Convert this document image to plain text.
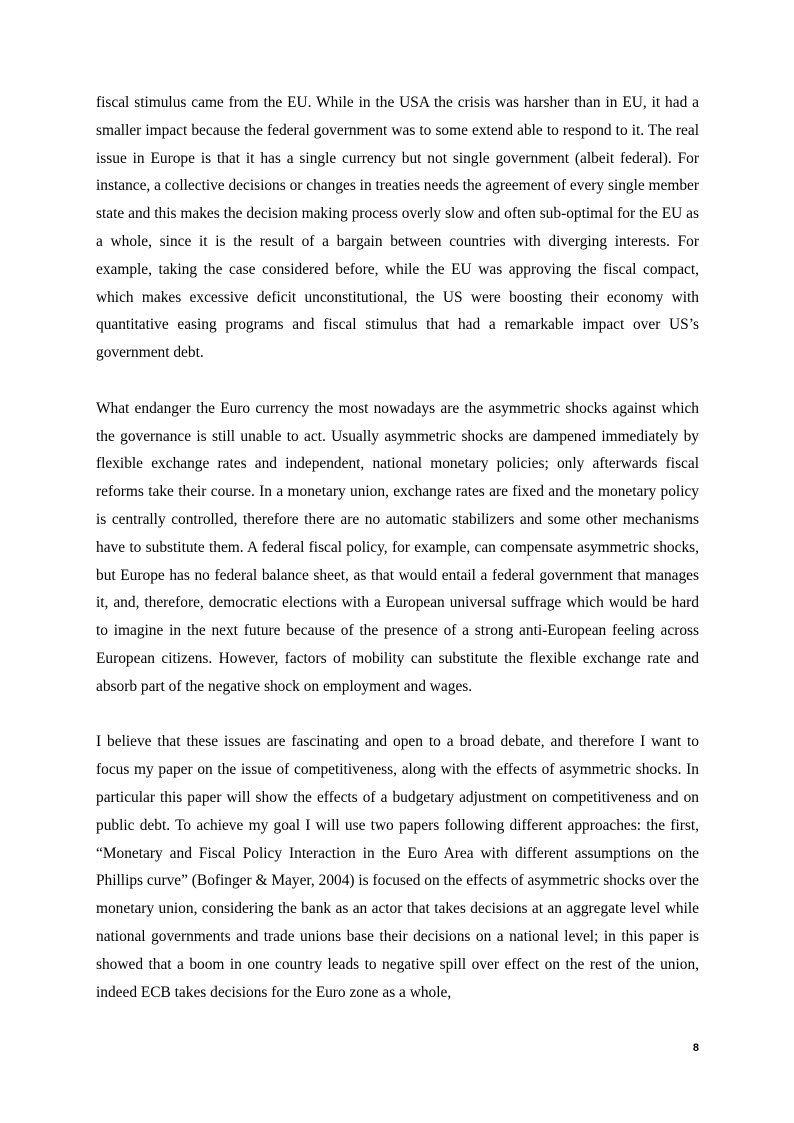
fiscal stimulus came from the EU. While in the USA the crisis was harsher than in EU, it had a smaller impact because the federal government was to some extend able to respond to it. The real issue in Europe is that it has a single currency but not single government (albeit federal). For instance, a collective decisions or changes in treaties needs the agreement of every single member state and this makes the decision making process overly slow and often sub-optimal for the EU as a whole, since it is the result of a bargain between countries with diverging interests. For example, taking the case considered before, while the EU was approving the fiscal compact, which makes excessive deficit unconstitutional, the US were boosting their economy with quantitative easing programs and fiscal stimulus that had a remarkable impact over US’s government debt.

What endanger the Euro currency the most nowadays are the asymmetric shocks against which the governance is still unable to act. Usually asymmetric shocks are dampened immediately by flexible exchange rates and independent, national monetary policies; only afterwards fiscal reforms take their course. In a monetary union, exchange rates are fixed and the monetary policy is centrally controlled, therefore there are no automatic stabilizers and some other mechanisms have to substitute them. A federal fiscal policy, for example, can compensate asymmetric shocks, but Europe has no federal balance sheet, as that would entail a federal government that manages it, and, therefore, democratic elections with a European universal suffrage which would be hard to imagine in the next future because of the presence of a strong anti-European feeling across European citizens. However, factors of mobility can substitute the flexible exchange rate and absorb part of the negative shock on employment and wages.

I believe that these issues are fascinating and open to a broad debate, and therefore I want to focus my paper on the issue of competitiveness, along with the effects of asymmetric shocks. In particular this paper will show the effects of a budgetary adjustment on competitiveness and on public debt. To achieve my goal I will use two papers following different approaches: the first, “Monetary and Fiscal Policy Interaction in the Euro Area with different assumptions on the Phillips curve” (Bofinger & Mayer, 2004) is focused on the effects of asymmetric shocks over the monetary union, considering the bank as an actor that takes decisions at an aggregate level while national governments and trade unions base their decisions on a national level; in this paper is showed that a boom in one country leads to negative spill over effect on the rest of the union, indeed ECB takes decisions for the Euro zone as a whole,

8
